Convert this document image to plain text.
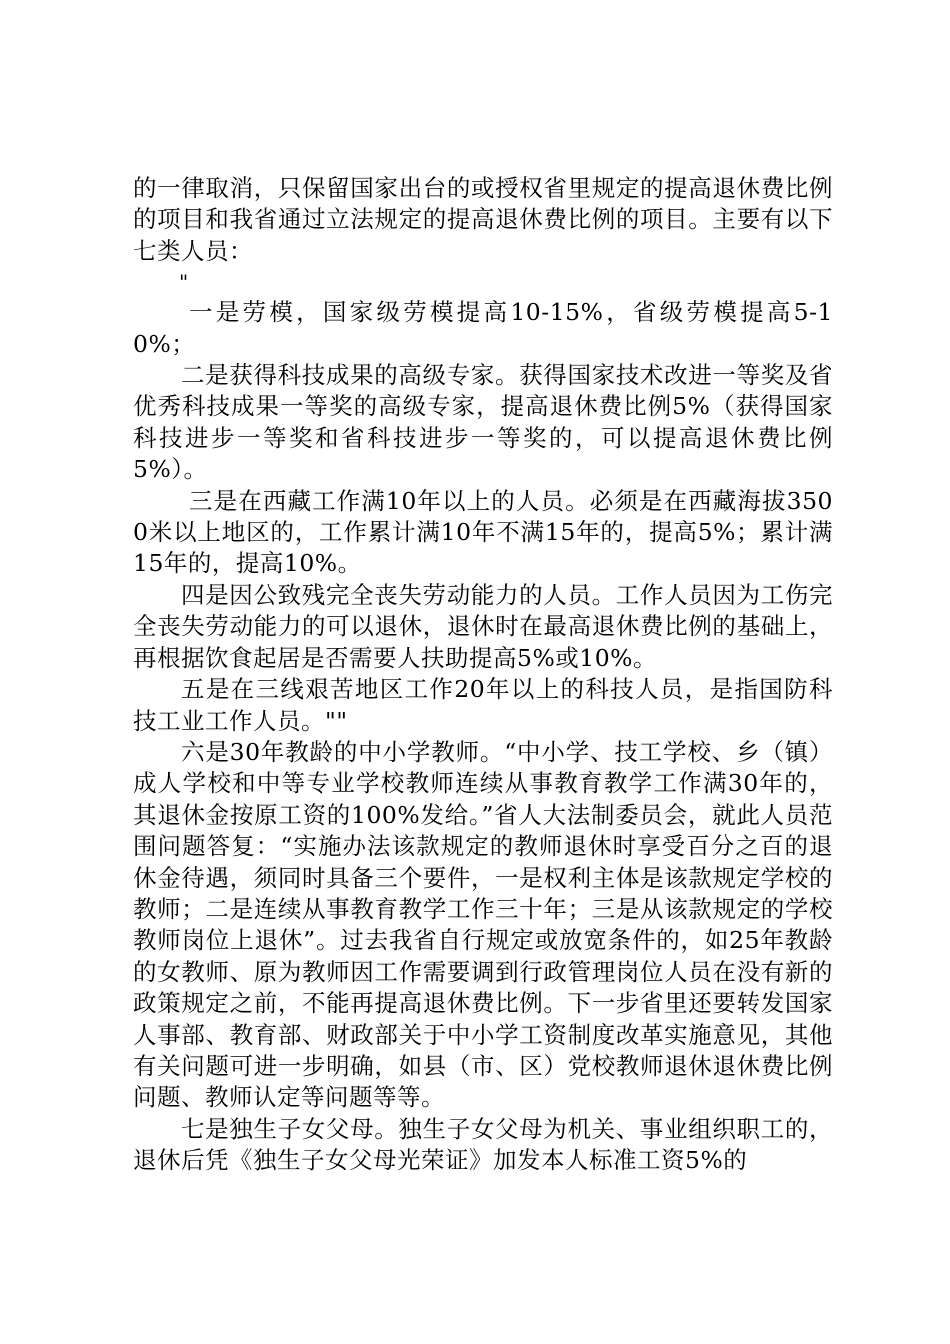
的一律取消，只保留国家出台的或授权省里规定的提高退休费比例的项目和我省通过立法规定的提高退休费比例的项目。主要有以下七类人员：

"

一是劳模，国家级劳模提高10-15%，省级劳模提高5-10%；

二是获得科技成果的高级专家。获得国家技术改进一等奖及省优秀科技成果一等奖的高级专家，提高退休费比例5%（获得国家科技进步一等奖和省科技进步一等奖的，可以提高退休费比例5%）。

三是在西藏工作满10年以上的人员。必须是在西藏海拔3500米以上地区的，工作累计满10年不满15年的，提高5%；累计满15年的，提高10%。

四是因公致残完全丧失劳动能力的人员。工作人员因为工伤完全丧失劳动能力的可以退休，退休时在最高退休费比例的基础上，再根据饮食起居是否需要人扶助提高5%或10%。

五是在三线艰苦地区工作20年以上的科技人员，是指国防科技工业工作人员。""

六是30年教龄的中小学教师。“中小学、技工学校、乡（镇）成人学校和中等专业学校教师连续从事教育教学工作满30年的，其退休金按原工资的100%发给。”省人大法制委员会，就此人员范围问题答复：“实施办法该款规定的教师退休时享受百分之百的退休金待遇，须同时具备三个要件，一是权利主体是该款规定学校的教师；二是连续从事教育教学工作三十年；三是从该款规定的学校教师岗位上退休”。过去我省自行规定或放宽条件的，如25年教龄的女教师、原为教师因工作需要调到行政管理岗位人员在没有新的政策规定之前，不能再提高退休费比例。下一步省里还要转发国家人事部、教育部、财政部关于中小学工资制度改革实施意见，其他有关问题可进一步明确，如县（市、区）党校教师退休退休费比例问题、教师认定等问题等等。

七是独生子女父母。独生子女父母为机关、事业组织职工的，退休后凭《独生子女父母光荣证》加发本人标准工资5%的
